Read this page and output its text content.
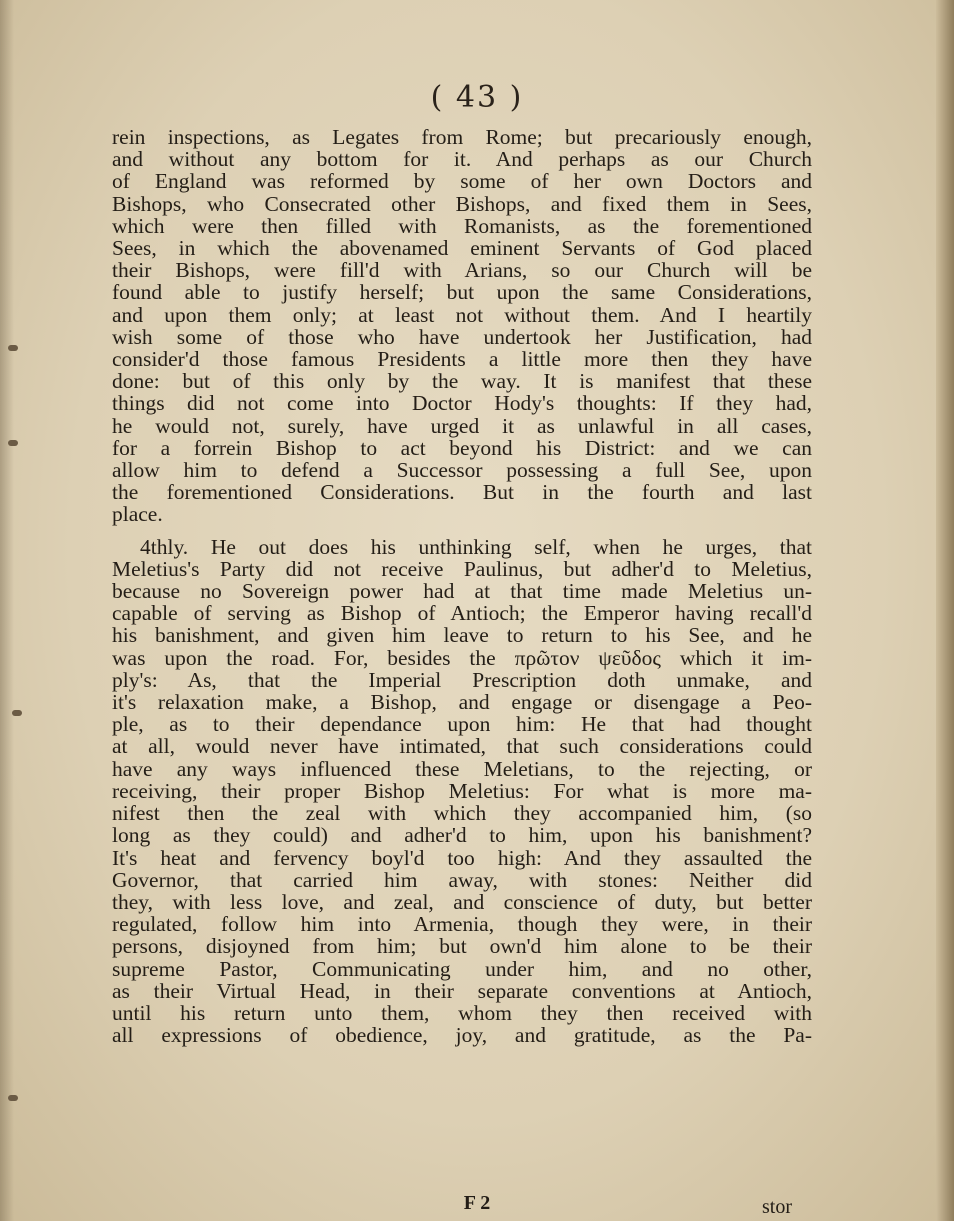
( 43 )
rein inspections, as Legates from Rome; but precariously enough,
and without any bottom for it. And perhaps as our Church
of England was reformed by some of her own Doctors and
Bishops, who Consecrated other Bishops, and fixed them in Sees,
which were then filled with Romanists, as the forementioned
Sees, in which the abovenamed eminent Servants of God placed
their Bishops, were fill'd with Arians, so our Church will be
found able to justify herself; but upon the same Considerations,
and upon them only; at least not without them. And I heartily
wish some of those who have undertook her Justification, had
consider'd those famous Presidents a little more then they have
done: but of this only by the way. It is manifest that these
things did not come into Doctor Hody's thoughts: If they had,
he would not, surely, have urged it as unlawful in all cases,
for a forrein Bishop to act beyond his District: and we can
allow him to defend a Successor possessing a full See, upon
the forementioned Considerations. But in the fourth and last
place.
4thly. He out does his unthinking self, when he urges, that
Meletius's Party did not receive Paulinus, but adher'd to Meletius,
because no Sovereign power had at that time made Meletius un-
capable of serving as Bishop of Antioch; the Emperor having recall'd
his banishment, and given him leave to return to his See, and he
was upon the road. For, besides the πρῶτον ψεῦδος which it im-
ply's: As, that the Imperial Prescription doth unmake, and
it's relaxation make, a Bishop, and engage or disengage a Peo-
ple, as to their dependance upon him: He that had thought
at all, would never have intimated, that such considerations could
have any ways influenced these Meletians, to the rejecting, or
receiving, their proper Bishop Meletius: For what is more ma-
nifest then the zeal with which they accompanied him, (so
long as they could) and adher'd to him, upon his banishment?
It's heat and fervency boyl'd too high: And they assaulted the
Governor, that carried him away, with stones: Neither did
they, with less love, and zeal, and conscience of duty, but better
regulated, follow him into Armenia, though they were, in their
persons, disjoyned from him; but own'd him alone to be their
supreme Pastor, Communicating under him, and no other,
as their Virtual Head, in their separate conventions at Antioch,
until his return unto them, whom they then received with
all expressions of obedience, joy, and gratitude, as the Pa-
F 2	stor
